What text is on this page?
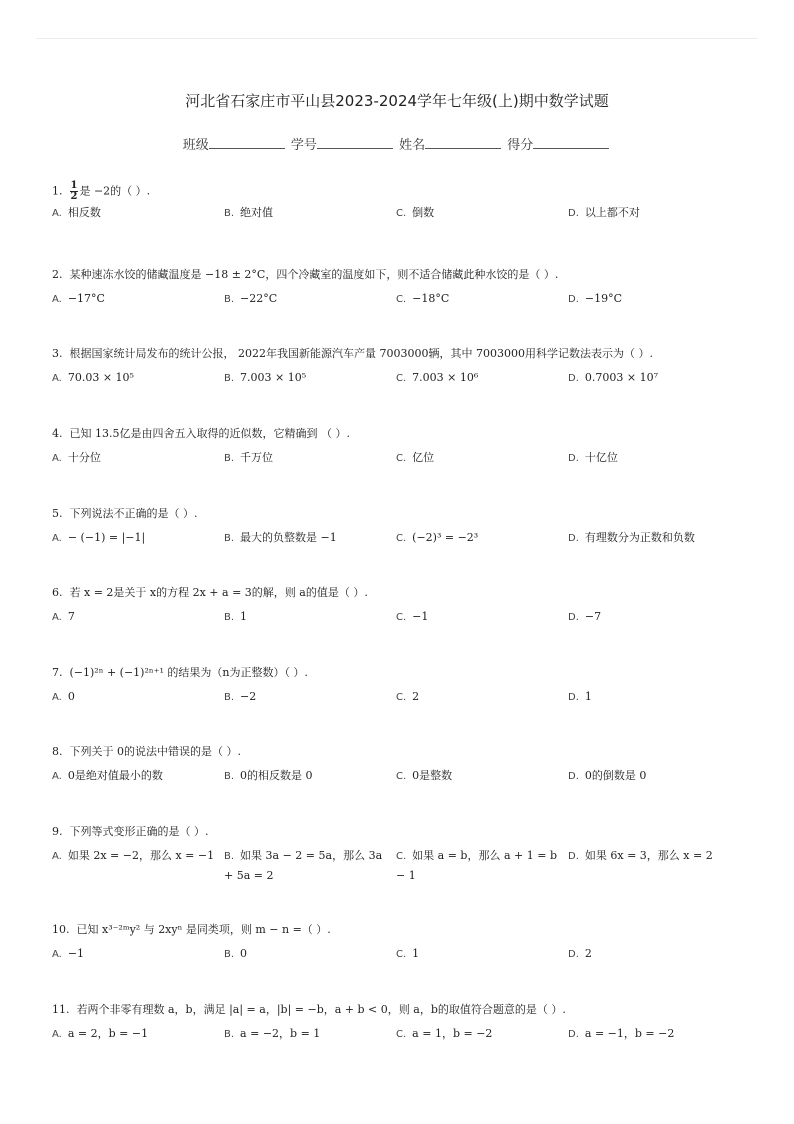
河北省石家庄市平山县2023-2024学年七年级(上)期中数学试题
班级	学号	姓名	得分
1. $\frac{1}{2}$ 是 −2的（ ）.
A. 相反数	B. 绝对值	C. 倒数	D. 以上都不对
2. 某种速冻水饺的储藏温度是 −18 ± 2°C，四个冷藏室的温度如下，则不适合储藏此种水饺的是（ ）.
A. −17°C	B. −22°C	C. −18°C	D. −19°C
3. 根据国家统计局发布的统计公报， 2022年我国新能源汽车产量 7003000辆，其中 7003000用科学记数法表示为（ ）.
A. 70.03 × 10⁵	B. 7.003 × 10⁵	C. 7.003 × 10⁶	D. 0.7003 × 10⁷
4. 已知 13.5亿是由四舍五入取得的近似数，它精确到 （ ）.
A. 十分位	B. 千万位	C. 亿位	D. 十亿位
5. 下列说法不正确的是（ ）.
A. − (−1) = |−1|	B. 最大的负整数是 −1	C. (−2)³ = −2³	D. 有理数分为正数和负数
6. 若 x = 2是关于 x的方程 2x + a = 3的解，则 a的值是（ ）.
A. 7	B. 1	C. −1	D. −7
7. (−1)²ⁿ + (−1)²ⁿ⁺¹ 的结果为（n为正整数）（ ）.
A. 0	B. −2	C. 2	D. 1
8. 下列关于 0的说法中错误的是（ ）.
A. 0是绝对值最小的数	B. 0的相反数是 0	C. 0是整数	D. 0的倒数是 0
9. 下列等式变形正确的是（ ）.
A. 如果 2x = −2，那么 x = −1 B. 如果 3a − 2 = 5a，那么 3a + 5a = 2
C. 如果 a = b，那么 a + 1 = b − 1
D. 如果 6x = 3，那么 x = 2
10. 已知 x³⁻²ᵐy² 与 2xyⁿ 是同类项，则 m − n =（ ）.
A. −1	B. 0	C. 1	D. 2
11. 若两个非零有理数 a，b，满足 |a| = a，|b| = −b，a + b < 0，则 a，b的取值符合题意的是（ ）.
A. a = 2，b = −1	B. a = −2，b = 1	C. a = 1，b = −2	D. a = −1，b = −2
